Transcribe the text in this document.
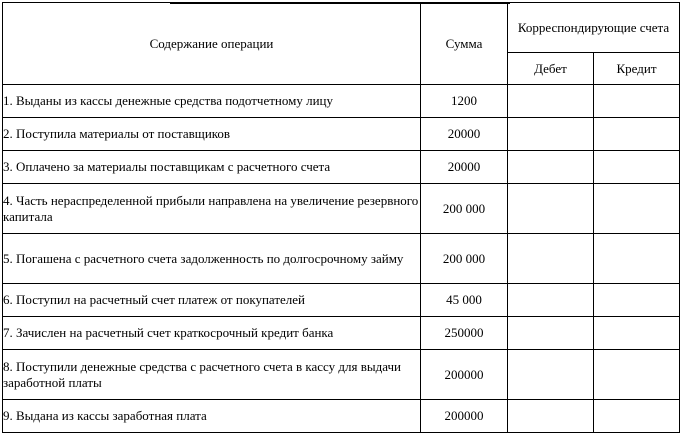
Содержание операции	Сумма	Корреспондирующие счета	
		Дебет	Кредит
1. Выданы из кассы денежные средства подотчетному лицу	1200		
2. Поступила материалы от поставщиков	20000		
3. Оплачено за материалы поставщикам с расчетного счета	20000		
4. Часть нераспределенной прибыли направлена на увеличение резервного капитала	200 000		
5. Погашена с расчетного счета задолженность по долгосрочному займу	200 000		
6. Поступил на расчетный счет платеж от покупателей	45 000		
7. Зачислен на расчетный счет краткосрочный кредит банка	250000		
8. Поступили денежные средства с расчетного счета в кассу для выдачи заработной платы	200000		
9. Выдана из кассы заработная плата	200000		
